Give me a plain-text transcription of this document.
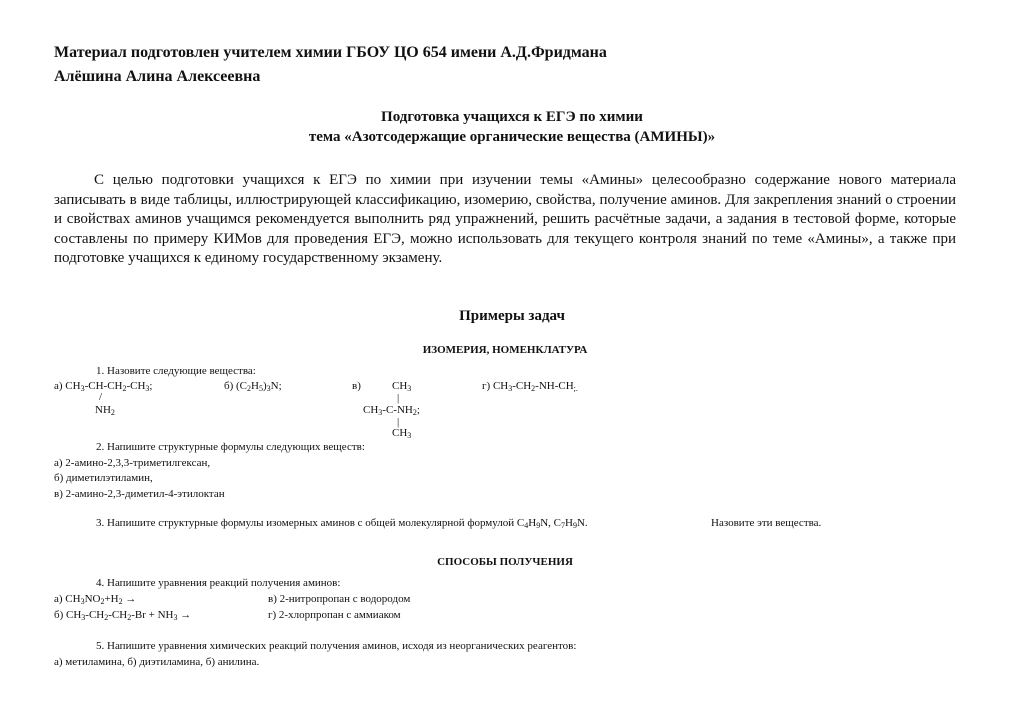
Материал подготовлен учителем химии ГБОУ ЦО 654 имени А.Д.Фридмана
Алёшина Алина Алексеевна
Подготовка учащихся к ЕГЭ по химии
тема «Азотсодержащие органические вещества (АМИНЫ)»
С целью подготовки учащихся к ЕГЭ по химии при изучении темы «Амины» целесообразно содержание нового материала записывать в виде таблицы, иллюстрирующей классификацию, изомерию, свойства, получение аминов. Для закрепления знаний о строении и свойствах аминов учащимся рекомендуется выполнить ряд упражнений, решить расчётные задачи, а задания в тестовой форме, которые составлены по примеру КИМов для проведения ЕГЭ, можно использовать для текущего контроля знаний по теме «Амины», а также при подготовке учащихся к единому государственному экзамену.
Примеры задач
ИЗОМЕРИЯ, НОМЕНКЛАТУРА
1. Назовите следующие вещества:
а) $CH_3-CH-CH_2-CH_3$;
/
$NH_2$
б) $(C_2H_5)_3N$;	в)	$CH_3$
|
$CH_3-C-NH_2$;
|
$CH_3$
г) $CH_3-CH_2-NH-CH_{;.}$
2. Напишите структурные формулы следующих веществ:
а) 2-амино-2,3,3-триметилгексан,
б) диметилэтиламин,
в) 2-амино-2,3-диметил-4-этилоктан
3. Напишите структурные формулы изомерных аминов с общей молекулярной формулой $C_4H_9N$, $C_7H_9N$.	Назовите эти вещества.
СПОСОБЫ ПОЛУЧЕНИЯ
4. Напишите уравнения реакций получения аминов:
а) $CH_3NO_2+H_2$ →	в) 2-нитропропан с водородом
б) $CH_3-CH_2-CH_2-Br + NH_3$ →	г) 2-хлорпропан с аммиаком
5. Напишите уравнения химических реакций получения аминов, исходя из неорганических реагентов:
а) метиламина, б) диэтиламина, б) анилина.
